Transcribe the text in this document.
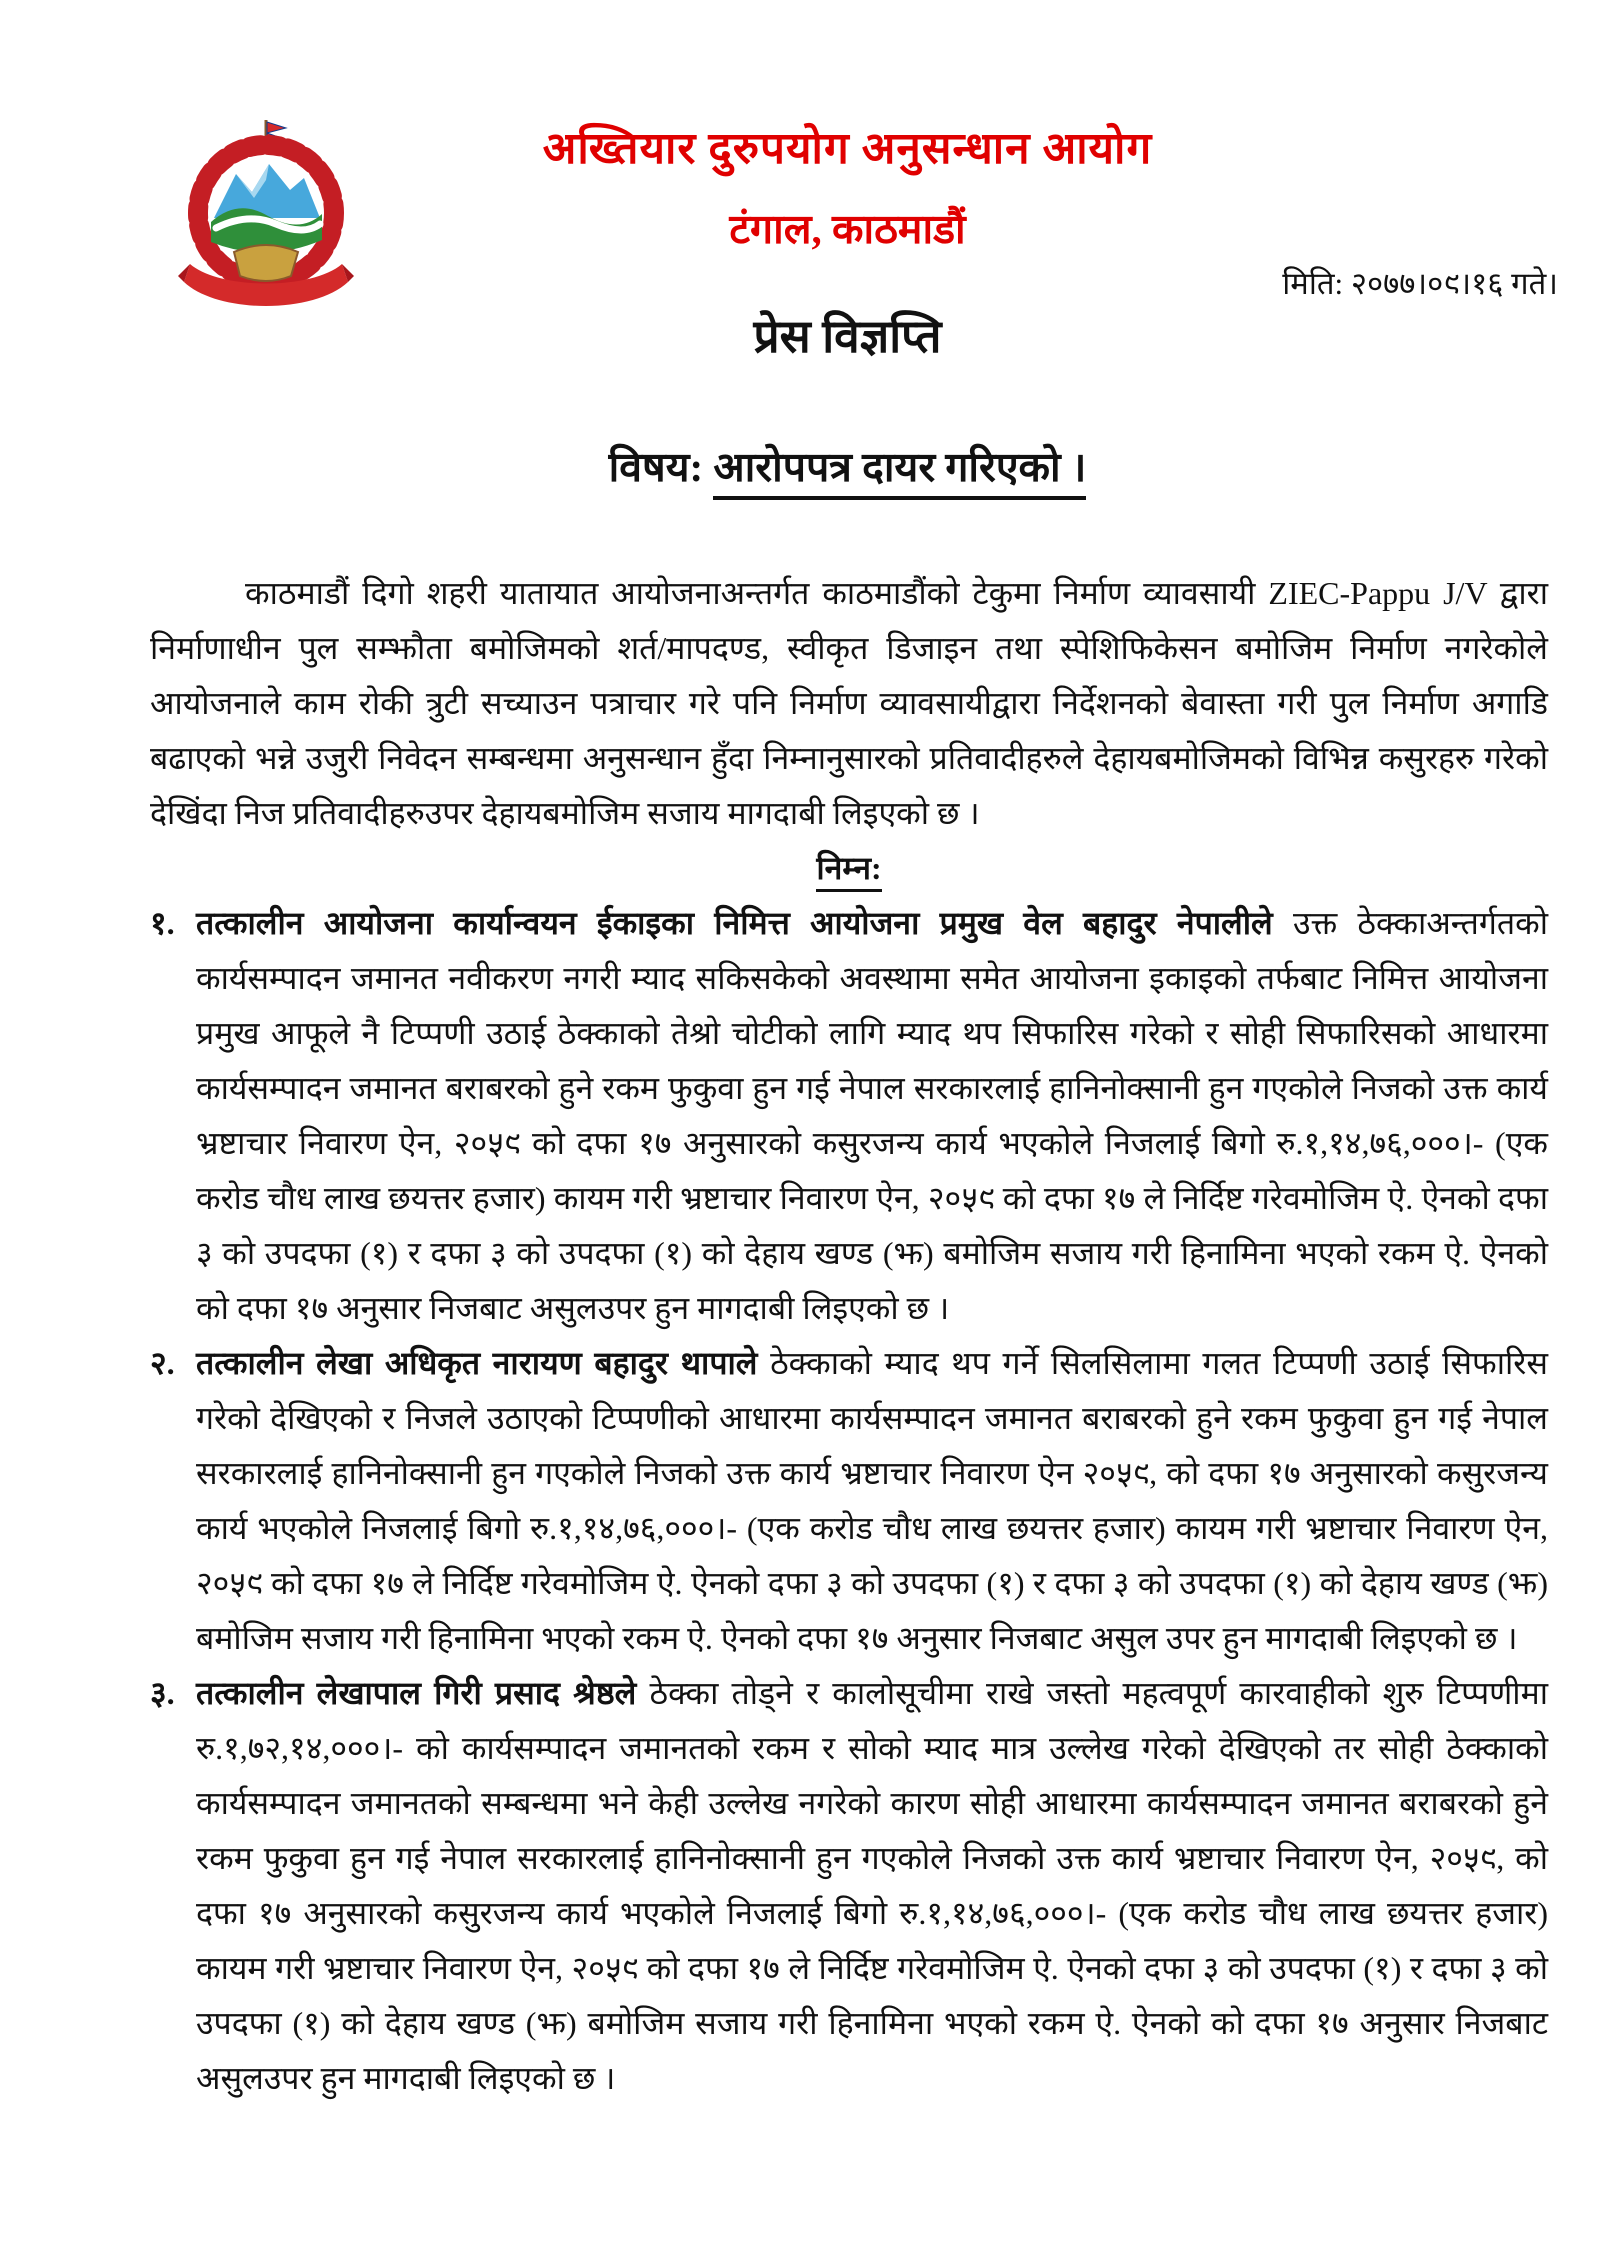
अख्तियार दुरुपयोग अनुसन्धान आयोग
टंगाल, काठमाडौं
मिति: २०७७।०९।१६ गते।
प्रेस विज्ञप्ति
विषय: आरोपपत्र दायर गरिएको ।

काठमाडौं दिगो शहरी यातायात आयोजनाअन्तर्गत काठमाडौंको टेकुमा निर्माण व्यावसायी ZIEC-Pappu J/V द्वारा निर्माणाधीन पुल सम्झौता बमोजिमको शर्त/मापदण्ड, स्वीकृत डिजाइन तथा स्पेशिफिकेसन बमोजिम निर्माण नगरेकोले आयोजनाले काम रोकी त्रुटी सच्याउन पत्राचार गरे पनि निर्माण व्यावसायीद्वारा निर्देशनको बेवास्ता गरी पुल निर्माण अगाडि बढाएको भन्ने उजुरी निवेदन सम्बन्धमा अनुसन्धान हुँदा निम्नानुसारको प्रतिवादीहरुले देहायबमोजिमको विभिन्न कसुरहरु गरेको देखिंदा निज प्रतिवादीहरुउपर देहायबमोजिम सजाय मागदाबी लिइएको छ ।

निम्न:

१. तत्कालीन आयोजना कार्यान्वयन ईकाइका निमित्त आयोजना प्रमुख वेल बहादुर नेपालीले उक्त ठेक्काअन्तर्गतको कार्यसम्पादन जमानत नवीकरण नगरी म्याद सकिसकेको अवस्थामा समेत आयोजना इकाइको तर्फबाट निमित्त आयोजना प्रमुख आफूले नै टिप्पणी उठाई ठेक्काको तेश्रो चोटीको लागि म्याद थप सिफारिस गरेको र सोही सिफारिसको आधारमा कार्यसम्पादन जमानत बराबरको हुने रकम फुकुवा हुन गई नेपाल सरकारलाई हानिनोक्सानी हुन गएकोले निजको उक्त कार्य भ्रष्टाचार निवारण ऐन, २०५९ को दफा १७ अनुसारको कसुरजन्य कार्य भएकोले निजलाई बिगो रु.१,१४,७६,०००।- (एक करोड चौध लाख छयत्तर हजार) कायम गरी भ्रष्टाचार निवारण ऐन, २०५९ को दफा १७ ले निर्दिष्ट गरेवमोजिम ऐ. ऐनको दफा ३ को उपदफा (१) र दफा ३ को उपदफा (१) को देहाय खण्ड (झ) बमोजिम सजाय गरी हिनामिना भएको रकम ऐ. ऐनको को दफा १७ अनुसार निजबाट असुलउपर हुन मागदाबी लिइएको छ ।

२. तत्कालीन लेखा अधिकृत नारायण बहादुर थापाले ठेक्काको म्याद थप गर्ने सिलसिलामा गलत टिप्पणी उठाई सिफारिस गरेको देखिएको र निजले उठाएको टिप्पणीको आधारमा कार्यसम्पादन जमानत बराबरको हुने रकम फुकुवा हुन गई नेपाल सरकारलाई हानिनोक्सानी हुन गएकोले निजको उक्त कार्य भ्रष्टाचार निवारण ऐन २०५९, को दफा १७ अनुसारको कसुरजन्य कार्य भएकोले निजलाई बिगो रु.१,१४,७६,०००।- (एक करोड चौध लाख छयत्तर हजार) कायम गरी भ्रष्टाचार निवारण ऐन, २०५९ को दफा १७ ले निर्दिष्ट गरेवमोजिम ऐ. ऐनको दफा ३ को उपदफा (१) र दफा ३ को उपदफा (१) को देहाय खण्ड (झ) बमोजिम सजाय गरी हिनामिना भएको रकम ऐ. ऐनको दफा १७ अनुसार निजबाट असुल उपर हुन मागदाबी लिइएको छ ।

३. तत्कालीन लेखापाल गिरी प्रसाद श्रेष्ठले ठेक्का तोड्ने र कालोसूचीमा राखे जस्तो महत्वपूर्ण कारवाहीको शुरु टिप्पणीमा रु.१,७२,१४,०००।- को कार्यसम्पादन जमानतको रकम र सोको म्याद मात्र उल्लेख गरेको देखिएको तर सोही ठेक्काको कार्यसम्पादन जमानतको सम्बन्धमा भने केही उल्लेख नगरेको कारण सोही आधारमा कार्यसम्पादन जमानत बराबरको हुने रकम फुकुवा हुन गई नेपाल सरकारलाई हानिनोक्सानी हुन गएकोले निजको उक्त कार्य भ्रष्टाचार निवारण ऐन, २०५९, को दफा १७ अनुसारको कसुरजन्य कार्य भएकोले निजलाई बिगो रु.१,१४,७६,०००।- (एक करोड चौध लाख छयत्तर हजार) कायम गरी भ्रष्टाचार निवारण ऐन, २०५९ को दफा १७ ले निर्दिष्ट गरेवमोजिम ऐ. ऐनको दफा ३ को उपदफा (१) र दफा ३ को उपदफा (१) को देहाय खण्ड (झ) बमोजिम सजाय गरी हिनामिना भएको रकम ऐ. ऐनको को दफा १७ अनुसार निजबाट असुलउपर हुन मागदाबी लिइएको छ ।
